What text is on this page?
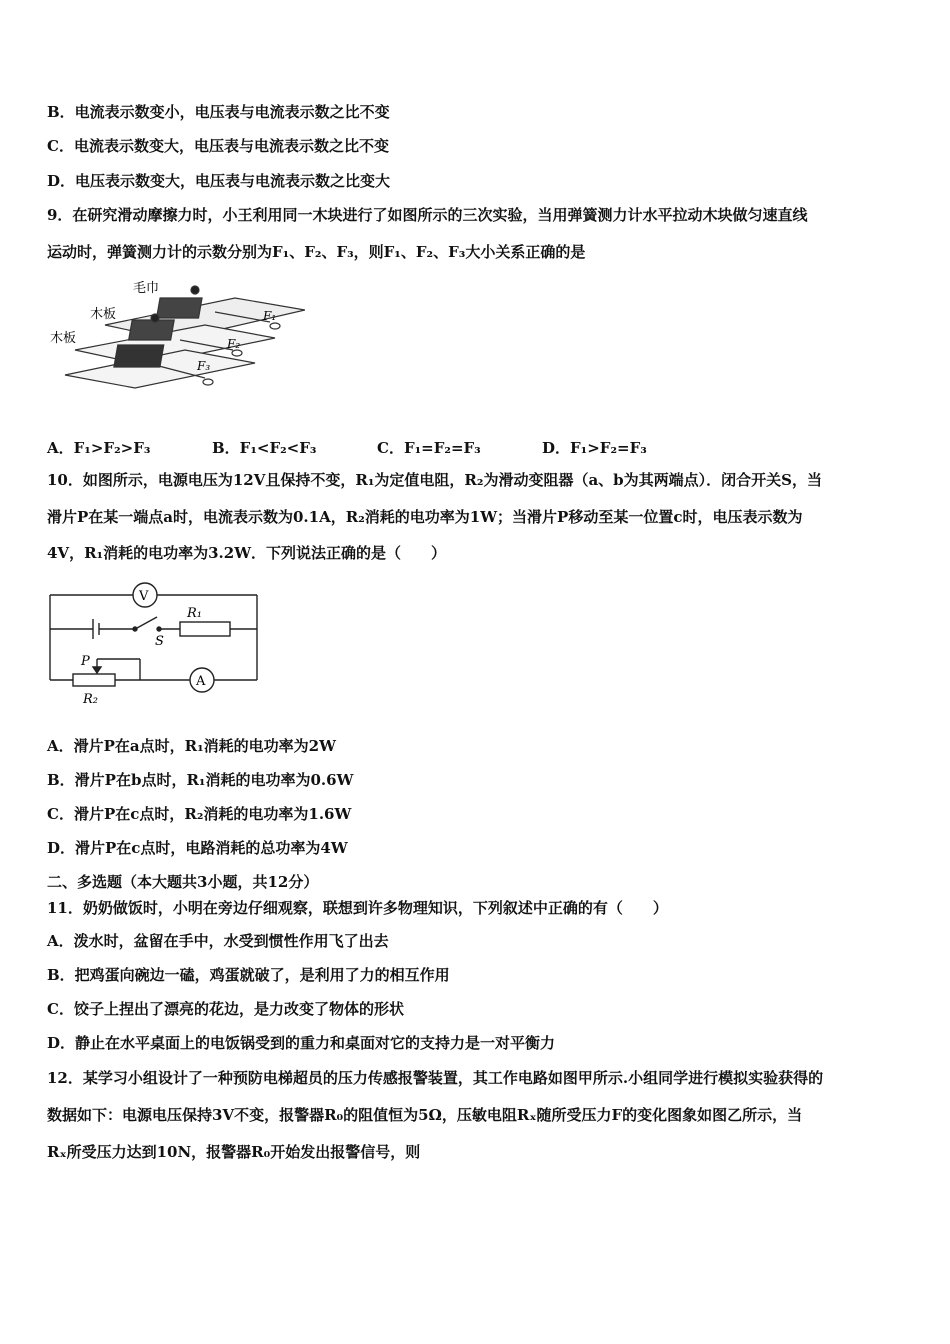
B．电流表示数变小，电压表与电流表示数之比不变
C．电流表示数变大，电压表与电流表示数之比不变
D．电压表示数变大，电压表与电流表示数之比变大
9．在研究滑动摩擦力时，小王利用同一木块进行了如图所示的三次实验，当用弹簧测力计水平拉动木块做匀速直线
运动时，弹簧测力计的示数分别为F₁、F₂、F₃，则F₁、F₂、F₃大小关系正确的是
毛巾
木板
木板
F₁
F₂
F₃
A．F₁>F₂>F₃	B．F₁<F₂<F₃	C．F₁=F₂=F₃	D．F₁>F₂=F₃
10．如图所示，电源电压为12V且保持不变，R₁为定值电阻，R₂为滑动变阻器（a、b为其两端点）．闭合开关S，当
滑片P在某一端点a时，电流表示数为0.1A，R₂消耗的电功率为1W；当滑片P移动至某一位置c时，电压表示数为
4V，R₁消耗的电功率为3.2W．下列说法正确的是（　　）
V
A
R₁
S
P
R₂
A．滑片P在a点时，R₁消耗的电功率为2W
B．滑片P在b点时，R₁消耗的电功率为0.6W
C．滑片P在c点时，R₂消耗的电功率为1.6W
D．滑片P在c点时，电路消耗的总功率为4W
二、多选题（本大题共3小题，共12分）
11．奶奶做饭时，小明在旁边仔细观察，联想到许多物理知识，下列叙述中正确的有（　　）
A．泼水时，盆留在手中，水受到惯性作用飞了出去
B．把鸡蛋向碗边一磕，鸡蛋就破了，是利用了力的相互作用
C．饺子上捏出了漂亮的花边，是力改变了物体的形状
D．静止在水平桌面上的电饭锅受到的重力和桌面对它的支持力是一对平衡力
12．某学习小组设计了一种预防电梯超员的压力传感报警装置，其工作电路如图甲所示.小组同学进行模拟实验获得的
数据如下：电源电压保持3V不变，报警器R₀的阻值恒为5Ω，压敏电阻Rₓ随所受压力F的变化图象如图乙所示，当
Rₓ所受压力达到10N，报警器R₀开始发出报警信号，则
